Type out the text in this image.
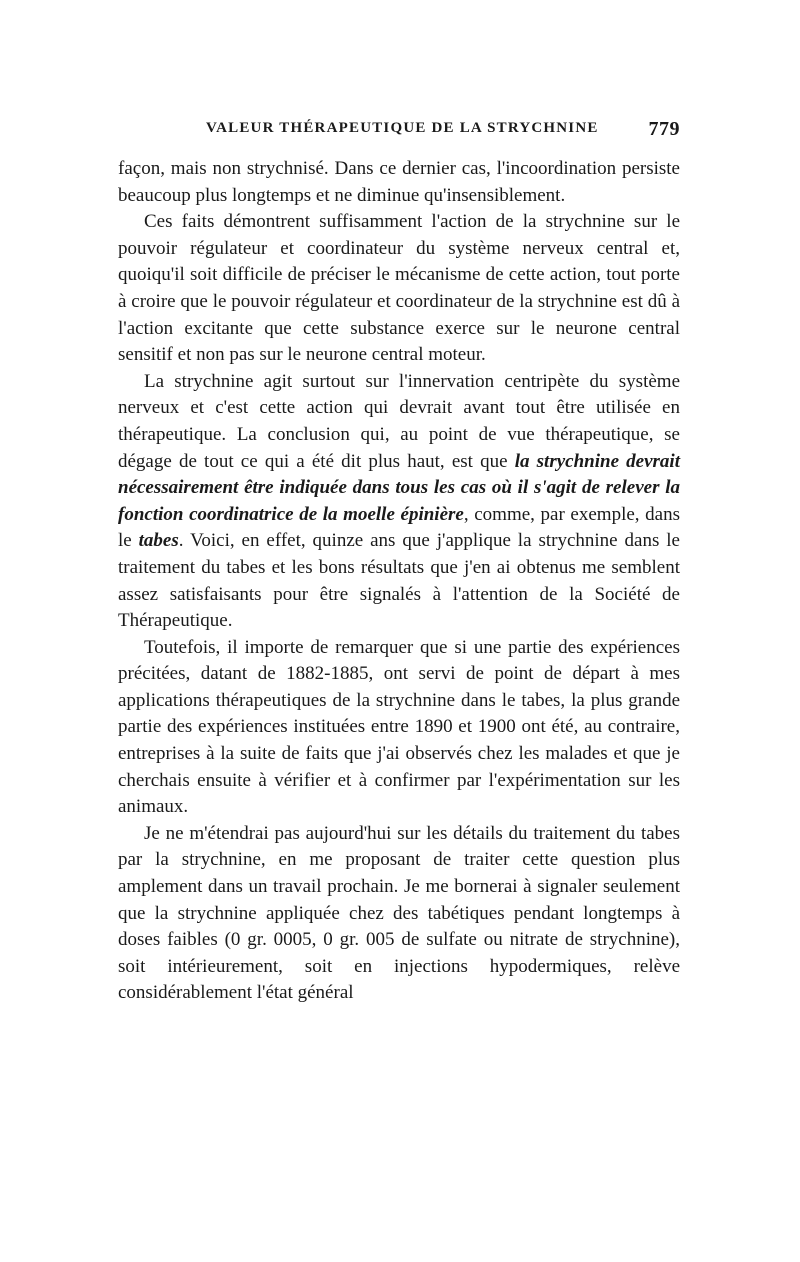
VALEUR THÉRAPEUTIQUE DE LA STRYCHNINE 779

façon, mais non strychnisé. Dans ce dernier cas, l'incoordination persiste beaucoup plus longtemps et ne diminue qu'insensiblement.

Ces faits démontrent suffisamment l'action de la strychnine sur le pouvoir régulateur et coordinateur du système nerveux central et, quoiqu'il soit difficile de préciser le mécanisme de cette action, tout porte à croire que le pouvoir régulateur et coordinateur de la strychnine est dû à l'action excitante que cette substance exerce sur le neurone central sensitif et non pas sur le neurone central moteur.

La strychnine agit surtout sur l'innervation centripète du système nerveux et c'est cette action qui devrait avant tout être utilisée en thérapeutique. La conclusion qui, au point de vue thérapeutique, se dégage de tout ce qui a été dit plus haut, est que la strychnine devrait nécessairement être indiquée dans tous les cas où il s'agit de relever la fonction coordinatrice de la moelle épinière, comme, par exemple, dans le tabes. Voici, en effet, quinze ans que j'applique la strychnine dans le traitement du tabes et les bons résultats que j'en ai obtenus me semblent assez satisfaisants pour être signalés à l'attention de la Société de Thérapeutique.

Toutefois, il importe de remarquer que si une partie des expériences précitées, datant de 1882-1885, ont servi de point de départ à mes applications thérapeutiques de la strychnine dans le tabes, la plus grande partie des expériences instituées entre 1890 et 1900 ont été, au contraire, entreprises à la suite de faits que j'ai observés chez les malades et que je cherchais ensuite à vérifier et à confirmer par l'expérimentation sur les animaux.

Je ne m'étendrai pas aujourd'hui sur les détails du traitement du tabes par la strychnine, en me proposant de traiter cette question plus amplement dans un travail prochain. Je me bornerai à signaler seulement que la strychnine appliquée chez des tabétiques pendant longtemps à doses faibles (0 gr. 0005, 0 gr. 005 de sulfate ou nitrate de strychnine), soit intérieurement, soit en injections hypodermiques, relève considérablement l'état général
